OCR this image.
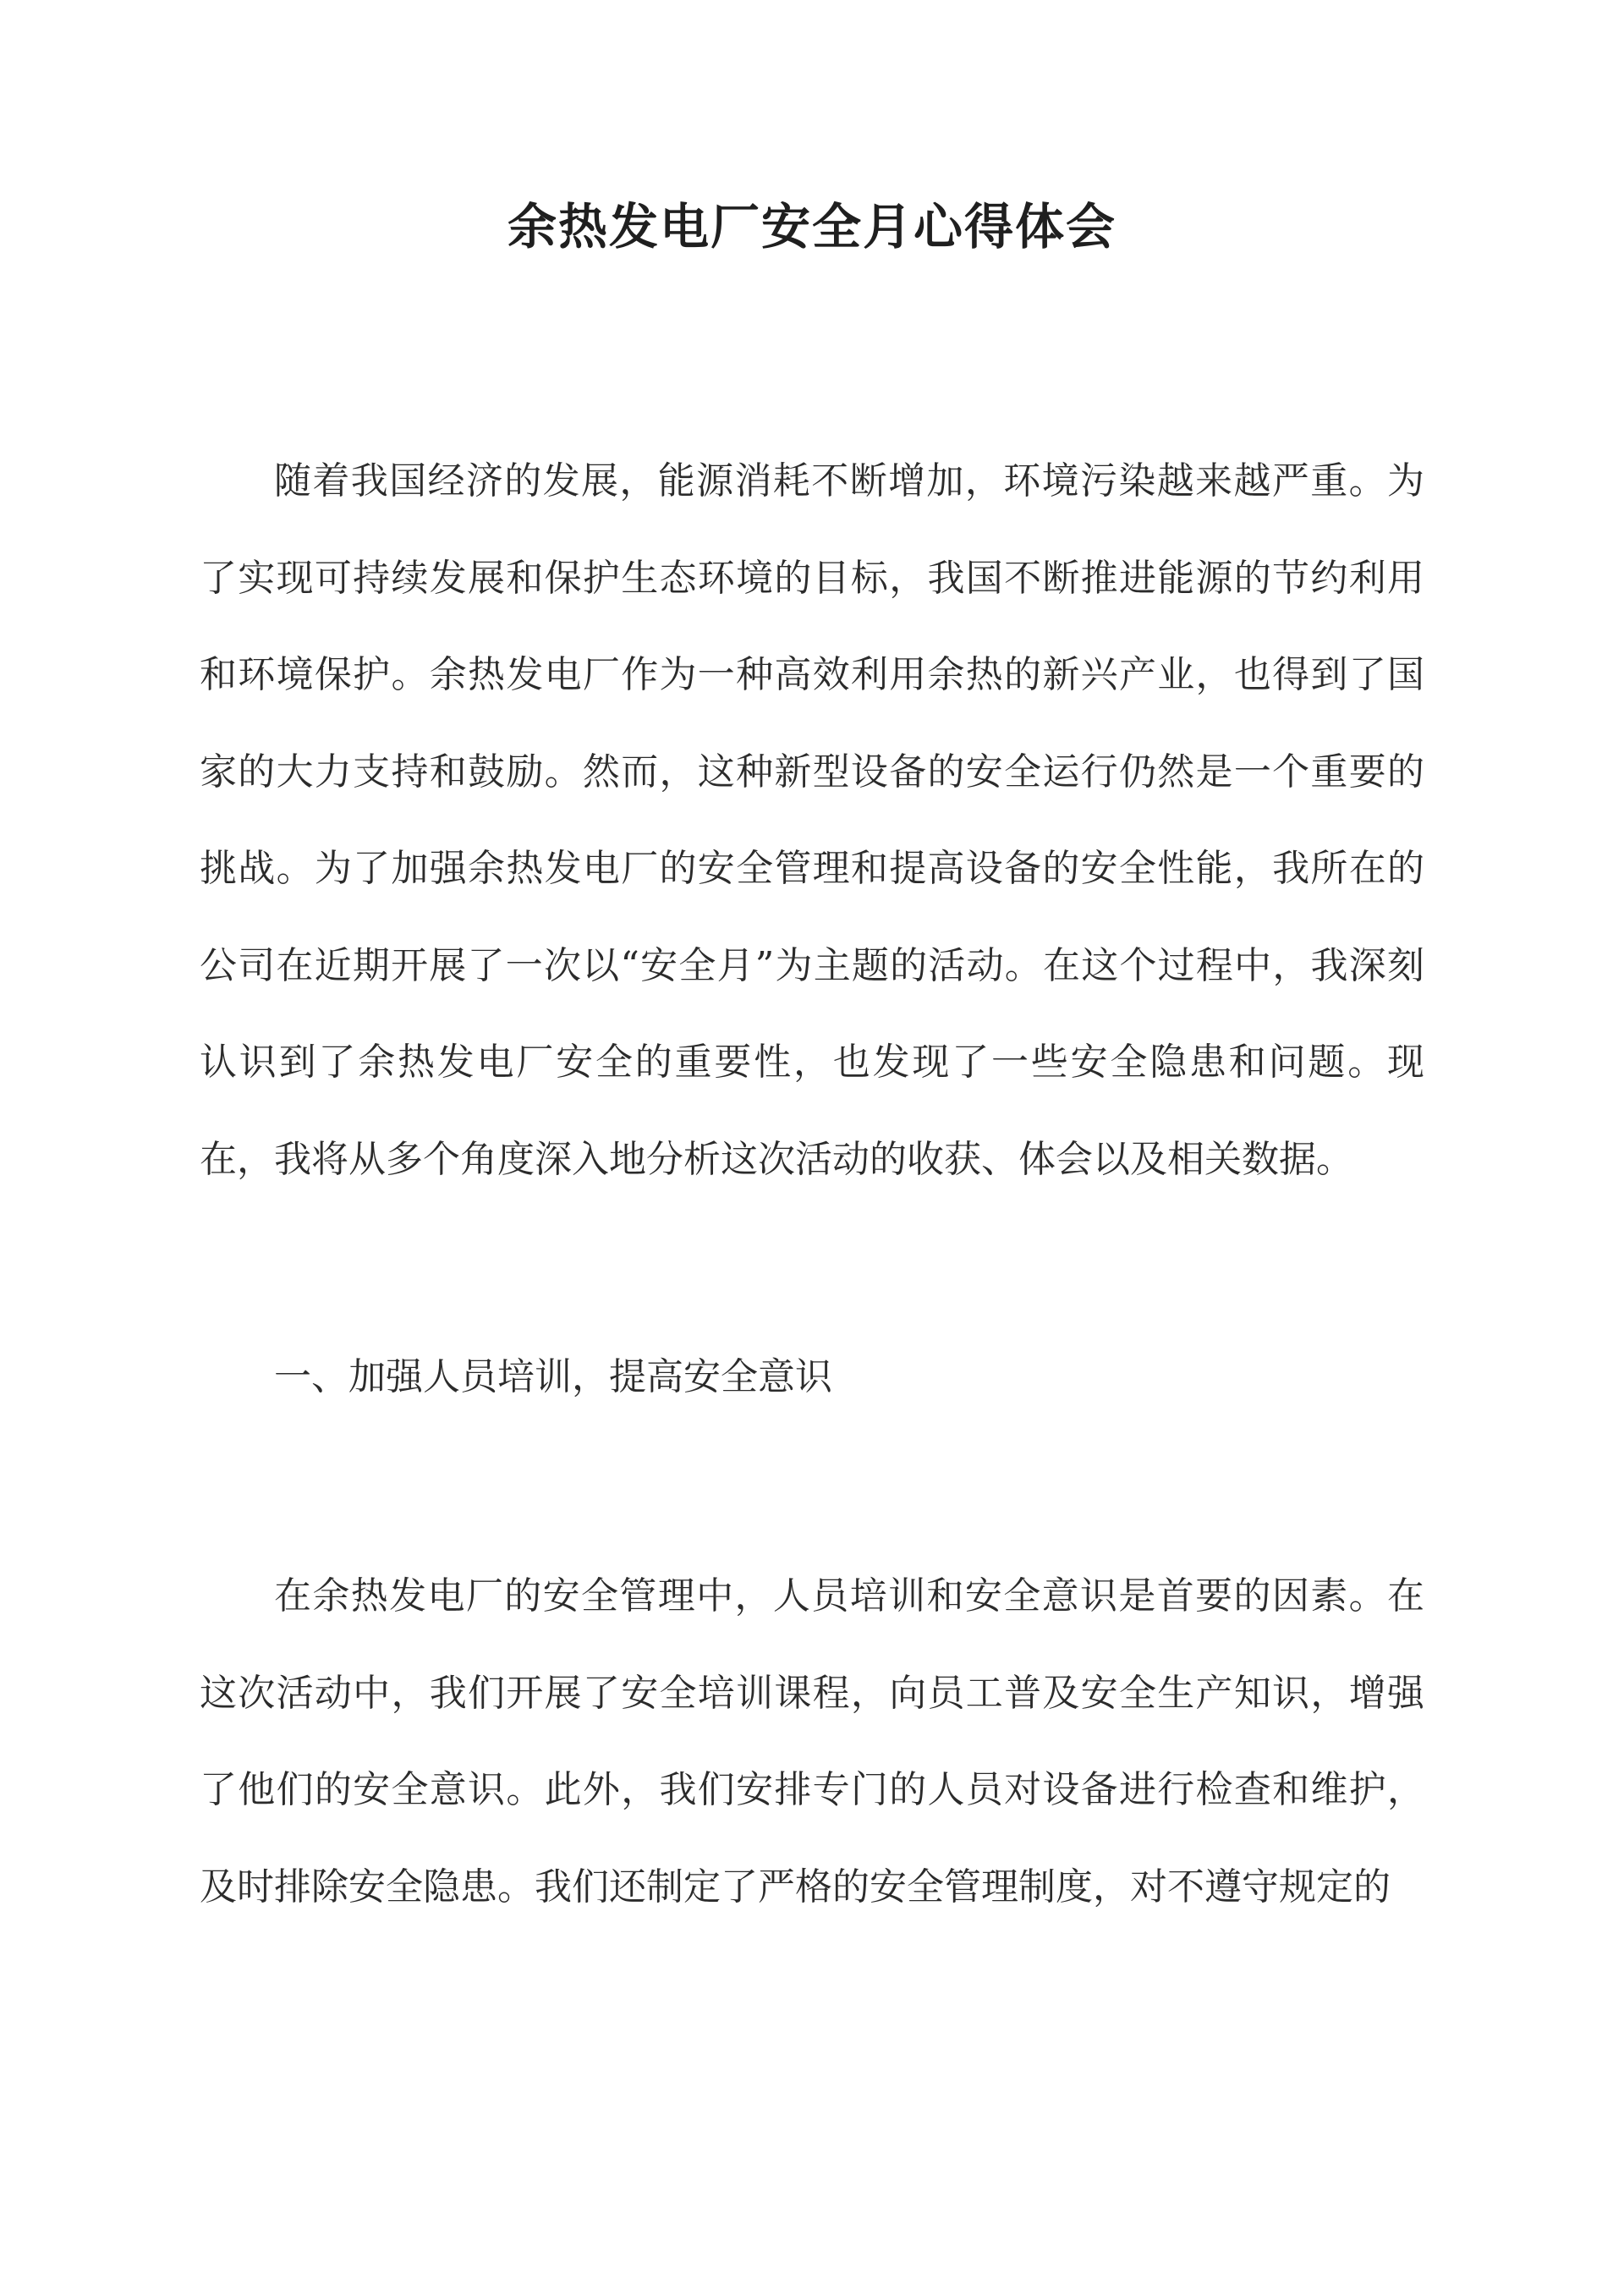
余热发电厂安全月心得体会

随着我国经济的发展，能源消耗不断增加，环境污染越来越严重。为了实现可持续发展和保护生态环境的目标，我国不断推进能源的节约利用和环境保护。余热发电厂作为一种高效利用余热的新兴产业，也得到了国家的大力支持和鼓励。然而，这种新型设备的安全运行仍然是一个重要的挑战。为了加强余热发电厂的安全管理和提高设备的安全性能，我所在的公司在近期开展了一次以“安全月”为主题的活动。在这个过程中，我深刻认识到了余热发电厂安全的重要性，也发现了一些安全隐患和问题。现在，我将从多个角度深入地分析这次活动的收获、体会以及相关数据。

一、加强人员培训，提高安全意识

在余热发电厂的安全管理中，人员培训和安全意识是首要的因素。在这次活动中，我们开展了安全培训课程，向员工普及安全生产知识，增强了他们的安全意识。此外，我们安排专门的人员对设备进行检查和维护，及时排除安全隐患。我们还制定了严格的安全管理制度，对不遵守规定的
